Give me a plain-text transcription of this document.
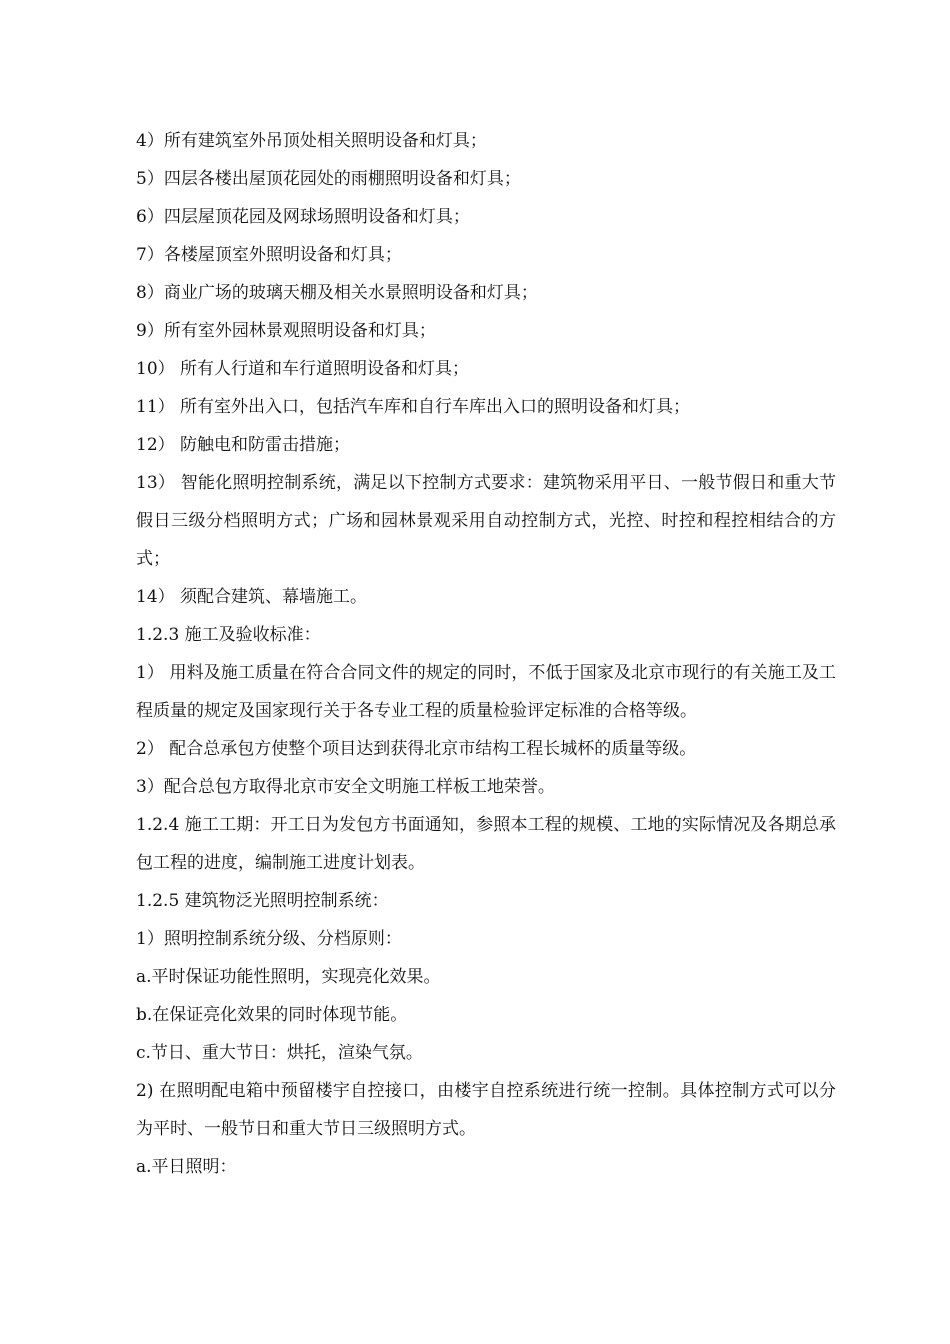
4）所有建筑室外吊顶处相关照明设备和灯具；

5）四层各楼出屋顶花园处的雨棚照明设备和灯具；

6）四层屋顶花园及网球场照明设备和灯具；

7）各楼屋顶室外照明设备和灯具；

8）商业广场的玻璃天棚及相关水景照明设备和灯具；

9）所有室外园林景观照明设备和灯具；

10） 所有人行道和车行道照明设备和灯具；

11） 所有室外出入口，包括汽车库和自行车库出入口的照明设备和灯具；

12） 防触电和防雷击措施；

13） 智能化照明控制系统，满足以下控制方式要求：建筑物采用平日、一般节假日和重大节假日三级分档照明方式；广场和园林景观采用自动控制方式，光控、时控和程控相结合的方式；

14） 须配合建筑、幕墙施工。

1.2.3 施工及验收标准：

1） 用料及施工质量在符合合同文件的规定的同时，不低于国家及北京市现行的有关施工及工程质量的规定及国家现行关于各专业工程的质量检验评定标准的合格等级。

2） 配合总承包方使整个项目达到获得北京市结构工程长城杯的质量等级。

3）配合总包方取得北京市安全文明施工样板工地荣誉。

1.2.4 施工工期：开工日为发包方书面通知，参照本工程的规模、工地的实际情况及各期总承包工程的进度，编制施工进度计划表。

1.2.5 建筑物泛光照明控制系统：

1）照明控制系统分级、分档原则：

a.平时保证功能性照明，实现亮化效果。

b.在保证亮化效果的同时体现节能。

c.节日、重大节日：烘托，渲染气氛。

2) 在照明配电箱中预留楼宇自控接口，由楼宇自控系统进行统一控制。具体控制方式可以分为平时、一般节日和重大节日三级照明方式。

a.平日照明：
